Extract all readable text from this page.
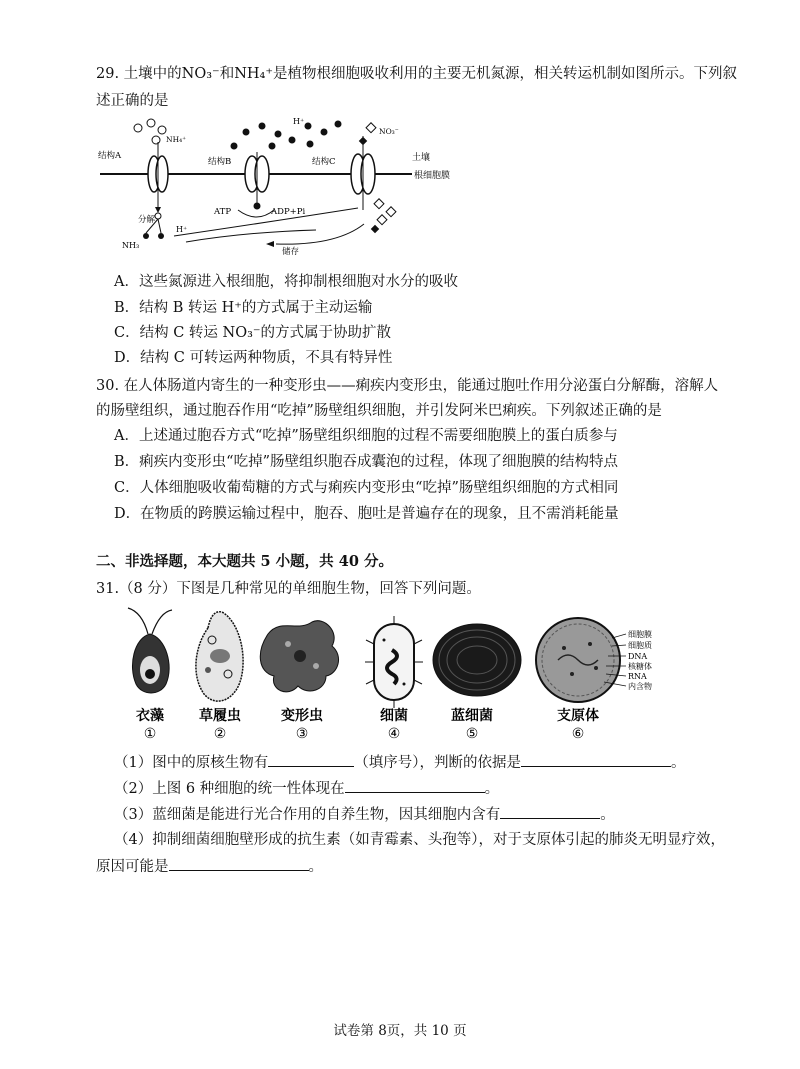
29. 土壤中的NO₃⁻和NH₄⁺是植物根细胞吸收利用的主要无机氮源，相关转运机制如图所示。下列叙
述正确的是
根细胞膜
土壤
结构A
NH₄⁺
分解
NH₃
H⁺
结构B
H⁺
ATP	ADP+Pi
结构C
NO₃⁻
储存
A．这些氮源进入根细胞，将抑制根细胞对水分的吸收
B．结构 B 转运 H⁺的方式属于主动运输
C．结构 C 转运 NO₃⁻的方式属于协助扩散
D．结构 C 可转运两种物质，不具有特异性
30. 在人体肠道内寄生的一种变形虫——痢疾内变形虫，能通过胞吐作用分泌蛋白分解酶，溶解人
的肠壁组织，通过胞吞作用“吃掉”肠壁组织细胞，并引发阿米巴痢疾。下列叙述正确的是
A．上述通过胞吞方式“吃掉”肠壁组织细胞的过程不需要细胞膜上的蛋白质参与
B．痢疾内变形虫“吃掉”肠壁组织胞吞成囊泡的过程，体现了细胞膜的结构特点
C．人体细胞吸收葡萄糖的方式与痢疾内变形虫“吃掉”肠壁组织细胞的方式相同
D．在物质的跨膜运输过程中，胞吞、胞吐是普遍存在的现象，且不需消耗能量
二、非选择题，本大题共 5 小题，共 40 分。
31.（8 分）下图是几种常见的单细胞生物，回答下列问题。
细胞膜
细胞质
DNA
核糖体
RNA
内含物
衣藻	草履虫	变形虫	细菌	蓝细菌	支原体
①	②	③	④	⑤	⑥
（1）图中的原核生物有	（填序号），判断的依据是	。
（2）上图 6 种细胞的统一性体现在	。
（3）蓝细菌是能进行光合作用的自养生物，因其细胞内含有	。
（4）抑制细菌细胞壁形成的抗生素（如青霉素、头孢等），对于支原体引起的肺炎无明显疗效，
原因可能是	。
试卷第 8页，共 10 页
